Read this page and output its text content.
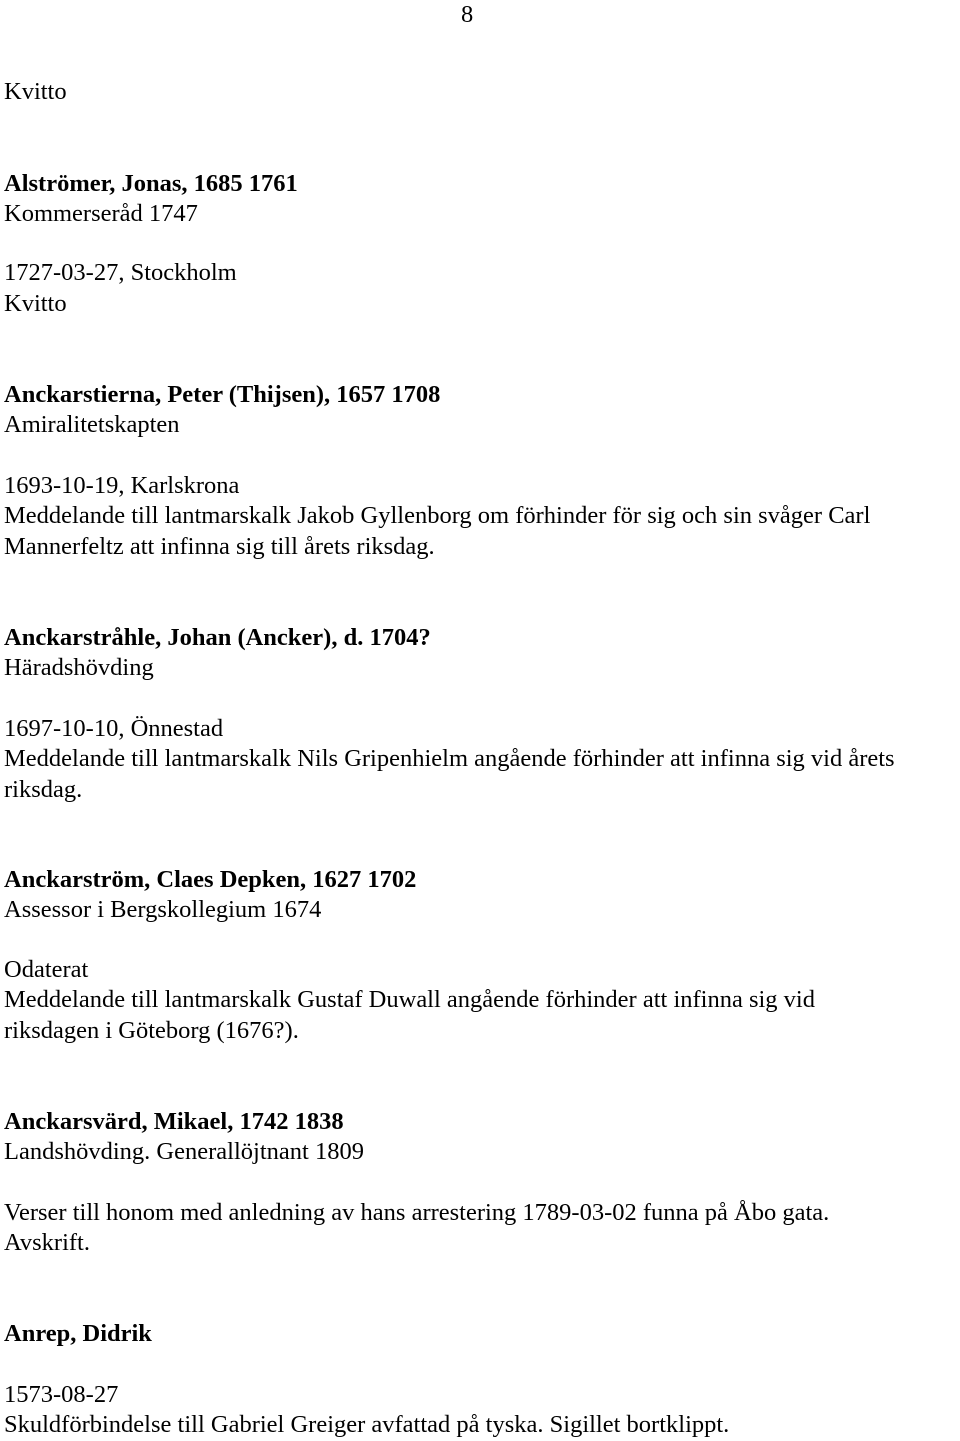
8
Kvitto
Alströmer, Jonas, 1685 1761
Kommerseråd 1747
1727-03-27, Stockholm
Kvitto
Anckarstierna, Peter (Thijsen), 1657 1708
Amiralitetskapten
1693-10-19, Karlskrona
Meddelande till lantmarskalk Jakob Gyllenborg om förhinder för sig och sin svåger Carl
Mannerfeltz att infinna sig till årets riksdag.
Anckarstråhle, Johan (Ancker), d. 1704?
Häradshövding
1697-10-10, Önnestad
Meddelande till lantmarskalk Nils Gripenhielm angående förhinder att infinna sig vid årets
riksdag.
Anckarström, Claes Depken, 1627 1702
Assessor i Bergskollegium 1674
Odaterat
Meddelande till lantmarskalk Gustaf Duwall angående förhinder att infinna sig vid
riksdagen i Göteborg (1676?).
Anckarsvärd, Mikael, 1742 1838
Landshövding. Generallöjtnant 1809
Verser till honom med anledning av hans arrestering 1789-03-02 funna på Åbo gata.
Avskrift.
Anrep, Didrik
1573-08-27
Skuldförbindelse till Gabriel Greiger avfattad på tyska. Sigillet bortklippt.
